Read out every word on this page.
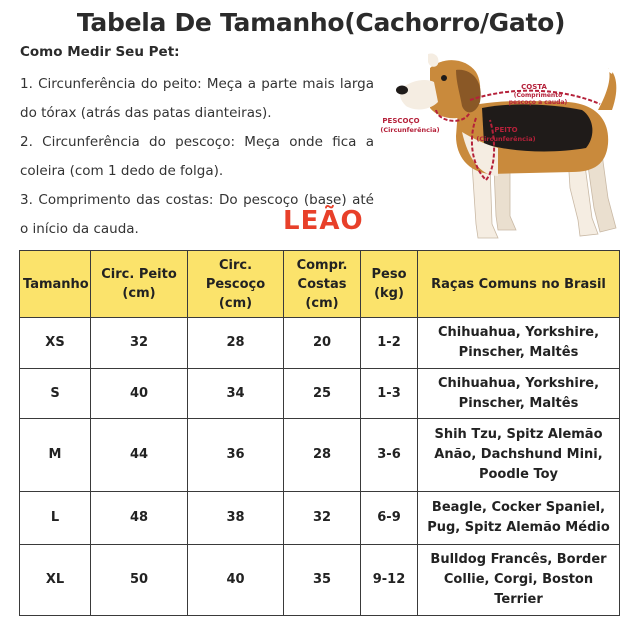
Tabela De Tamanho(Cachorro/Gato)
Como Medir Seu Pet:

1. Circunferência do peito: Meça a parte mais larga do tórax (atrás das patas dianteiras).

2. Circunferência do pescoço: Meça onde fica a coleira (com 1 dedo de folga).

3. Comprimento das costas: Do pescoço (base) até o início da cauda.	LEÃO
COSTA
(Comprimento
pescoço a cauda)
PESCOÇO
(Circunferência)	PEITO
(Circunferência)
Tamanho	Circ. Peito (cm)	Circ. Pescoço (cm)	Compr. Costas (cm)	Peso (kg)	Raças Comuns no Brasil
XS	32	28	20	1-2	Chihuahua, Yorkshire, Pinscher, Maltês
S	40	34	25	1-3	Chihuahua, Yorkshire, Pinscher, Maltês
M	44	36	28	3-6	Shih Tzu, Spitz Alemão Anão, Dachshund Mini, Poodle Toy
L	48	38	32	6-9	Beagle, Cocker Spaniel, Pug, Spitz Alemão Médio
XL	50	40	35	9-12	Bulldog Francês, Border Collie, Corgi, Boston Terrier
